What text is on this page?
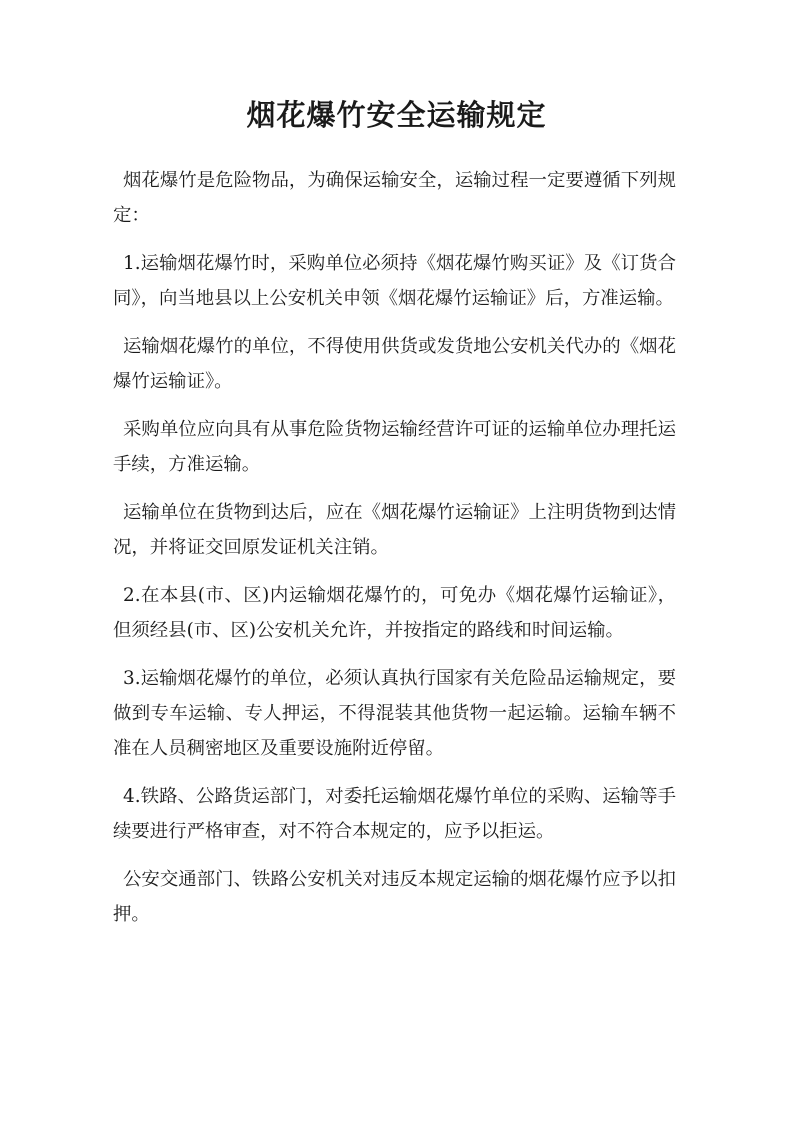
烟花爆竹安全运输规定

烟花爆竹是危险物品，为确保运输安全，运输过程一定要遵循下列规定：

1.运输烟花爆竹时，采购单位必须持《烟花爆竹购买证》及《订货合同》，向当地县以上公安机关申领《烟花爆竹运输证》后，方准运输。

运输烟花爆竹的单位，不得使用供货或发货地公安机关代办的《烟花爆竹运输证》。

采购单位应向具有从事危险货物运输经营许可证的运输单位办理托运手续，方准运输。

运输单位在货物到达后，应在《烟花爆竹运输证》上注明货物到达情况，并将证交回原发证机关注销。

2.在本县(市、区)内运输烟花爆竹的，可免办《烟花爆竹运输证》，但须经县(市、区)公安机关允许，并按指定的路线和时间运输。

3.运输烟花爆竹的单位，必须认真执行国家有关危险品运输规定，要做到专车运输、专人押运，不得混装其他货物一起运输。运输车辆不准在人员稠密地区及重要设施附近停留。

4.铁路、公路货运部门，对委托运输烟花爆竹单位的采购、运输等手续要进行严格审查，对不符合本规定的，应予以拒运。

公安交通部门、铁路公安机关对违反本规定运输的烟花爆竹应予以扣押。
